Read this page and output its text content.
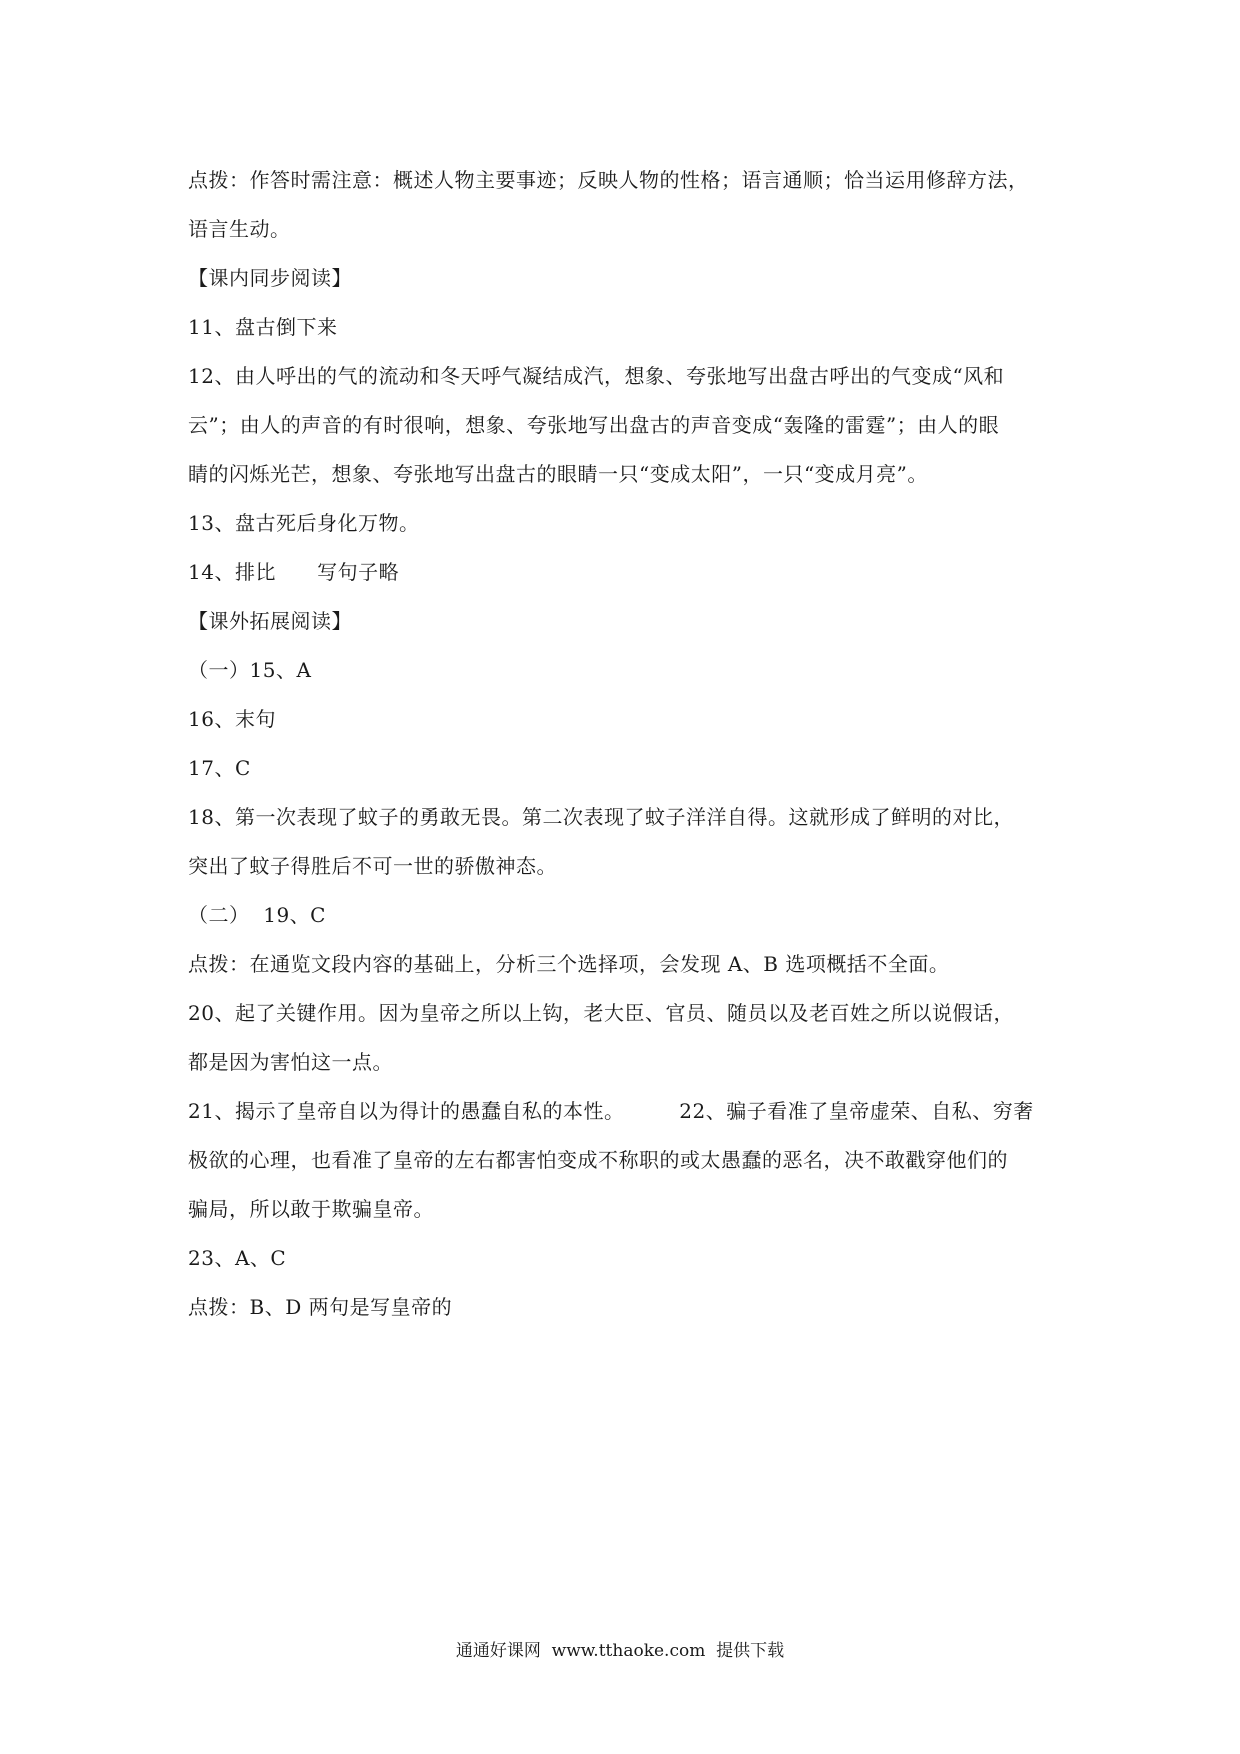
点拨：作答时需注意：概述人物主要事迹；反映人物的性格；语言通顺；恰当运用修辞方法，
语言生动。
【课内同步阅读】
11、盘古倒下来
12、由人呼出的气的流动和冬天呼气凝结成汽，想象、夸张地写出盘古呼出的气变成“风和
云”；由人的声音的有时很响，想象、夸张地写出盘古的声音变成“轰隆的雷霆”；由人的眼
睛的闪烁光芒，想象、夸张地写出盘古的眼睛一只“变成太阳”，一只“变成月亮”。
13、盘古死后身化万物。
14、排比      写句子略
【课外拓展阅读】
（一）15、A
16、末句
17、C
18、第一次表现了蚊子的勇敢无畏。第二次表现了蚊子洋洋自得。这就形成了鲜明的对比，
突出了蚊子得胜后不可一世的骄傲神态。
（二）  19、C
点拨：在通览文段内容的基础上，分析三个选择项，会发现 A、B 选项概括不全面。
20、起了关键作用。因为皇帝之所以上钩，老大臣、官员、随员以及老百姓之所以说假话，
都是因为害怕这一点。
21、揭示了皇帝自以为得计的愚蠢自私的本性。        22、骗子看准了皇帝虚荣、自私、穷奢
极欲的心理，也看准了皇帝的左右都害怕变成不称职的或太愚蠢的恶名，决不敢戳穿他们的
骗局，所以敢于欺骗皇帝。
23、A、C
点拨：B、D 两句是写皇帝的
通通好课网  www.tthaoke.com  提供下载
